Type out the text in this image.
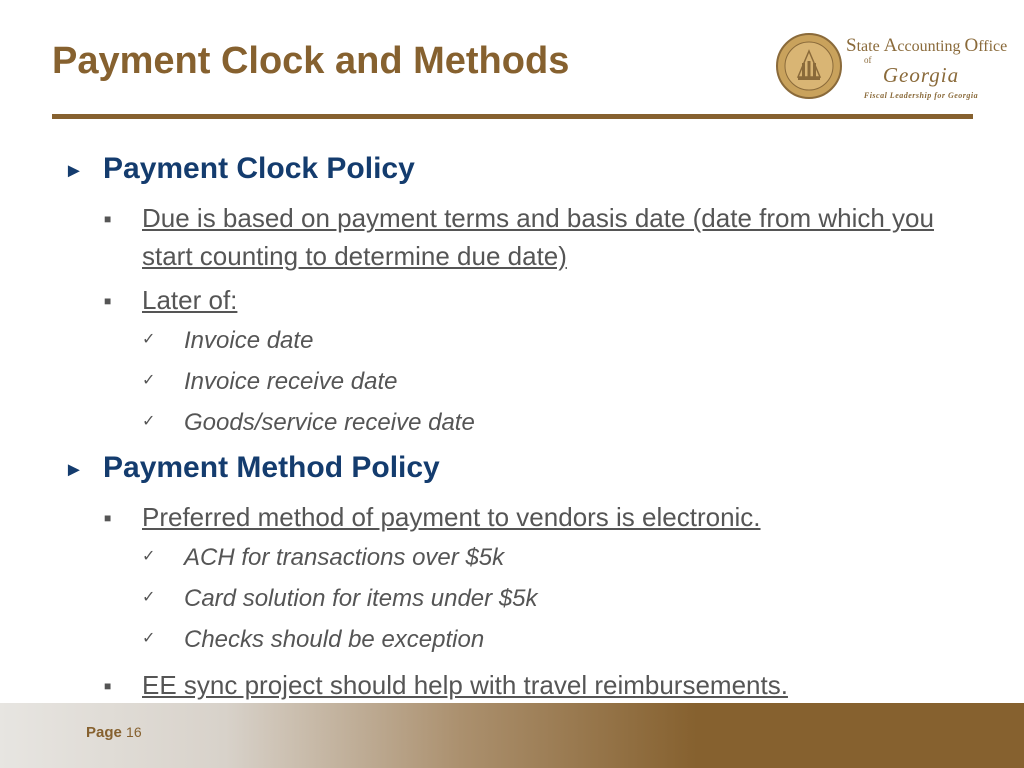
Payment Clock and Methods	State Accounting Office
of
Georgia
Fiscal Leadership for Georgia
► Payment Clock Policy
■ Due is based on payment terms and basis date (date from which you start counting to determine due date)
■ Later of:
✓ Invoice date
✓ Invoice receive date
✓ Goods/service receive date
► Payment Method Policy
■ Preferred method of payment to vendors is electronic.
✓ ACH for transactions over $5k
✓ Card solution for items under $5k
✓ Checks should be exception
■ EE sync project should help with travel reimbursements.
Page 16
